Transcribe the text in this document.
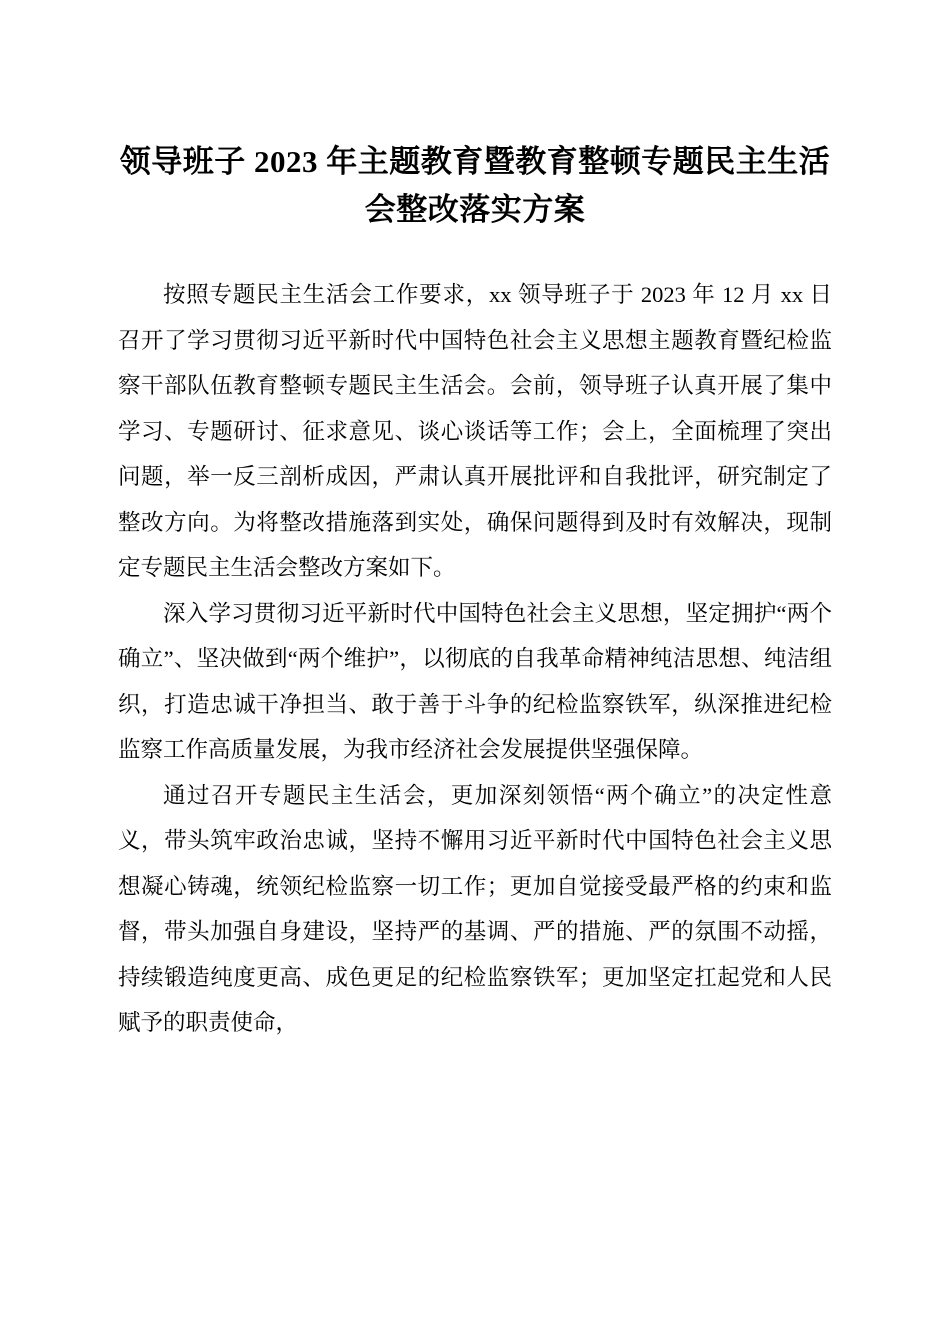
领导班子 2023 年主题教育暨教育整顿专题民主生活会整改落实方案

按照专题民主生活会工作要求，xx 领导班子于 2023 年 12 月 xx 日召开了学习贯彻习近平新时代中国特色社会主义思想主题教育暨纪检监察干部队伍教育整顿专题民主生活会。会前，领导班子认真开展了集中学习、专题研讨、征求意见、谈心谈话等工作；会上，全面梳理了突出问题，举一反三剖析成因，严肃认真开展批评和自我批评，研究制定了整改方向。为将整改措施落到实处，确保问题得到及时有效解决，现制定专题民主生活会整改方案如下。

深入学习贯彻习近平新时代中国特色社会主义思想，坚定拥护“两个确立”、坚决做到“两个维护”，以彻底的自我革命精神纯洁思想、纯洁组织，打造忠诚干净担当、敢于善于斗争的纪检监察铁军，纵深推进纪检监察工作高质量发展，为我市经济社会发展提供坚强保障。

通过召开专题民主生活会，更加深刻领悟“两个确立”的决定性意义，带头筑牢政治忠诚，坚持不懈用习近平新时代中国特色社会主义思想凝心铸魂，统领纪检监察一切工作；更加自觉接受最严格的约束和监督，带头加强自身建设，坚持严的基调、严的措施、严的氛围不动摇，持续锻造纯度更高、成色更足的纪检监察铁军；更加坚定扛起党和人民赋予的职责使命，
